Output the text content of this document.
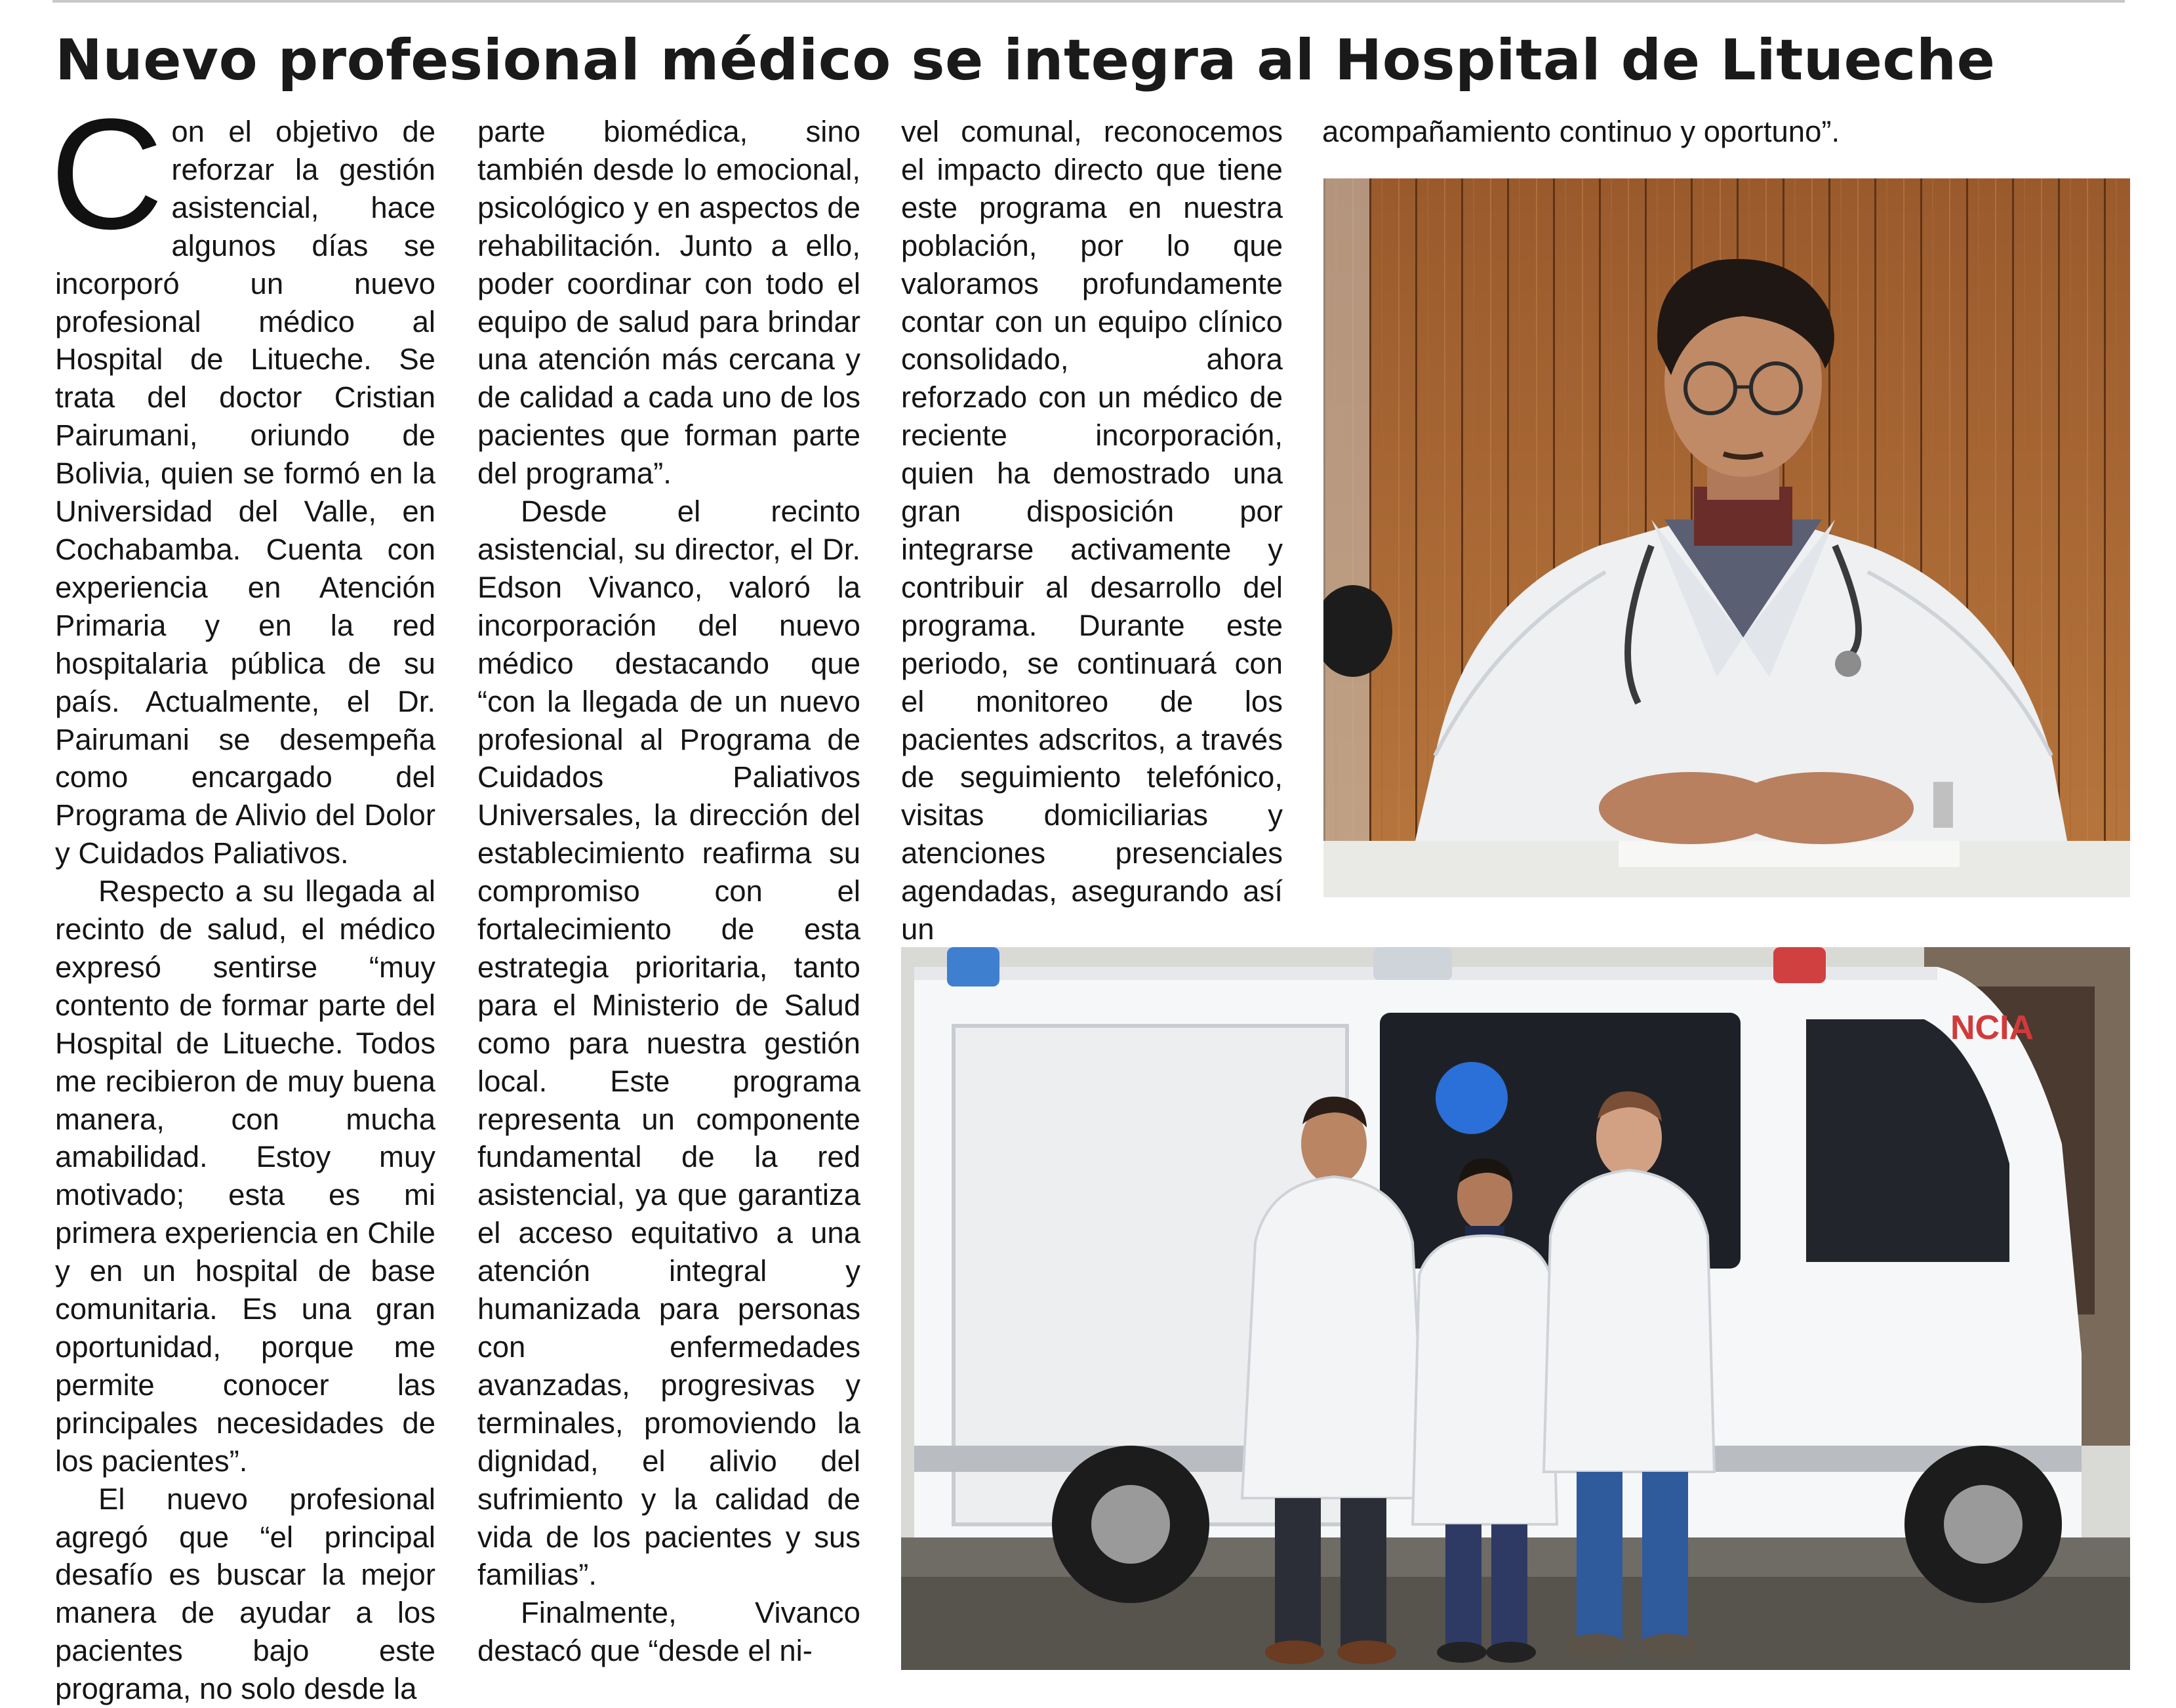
Nuevo profesional médico se integra al Hospital de Litueche

Con el objetivo de reforzar la gestión asistencial, hace algunos días se incorporó un nuevo profesional médico al Hospital de Litueche. Se trata del doctor Cristian Pairumani, oriundo de Bolivia, quien se formó en la Universidad del Valle, en Cochabamba. Cuenta con experiencia en Atención Primaria y en la red hospitalaria pública de su país. Actualmente, el Dr. Pairumani se desempeña como encargado del Programa de Alivio del Dolor y Cuidados Paliativos.

Respecto a su llegada al recinto de salud, el médico expresó sentirse “muy contento de formar parte del Hospital de Litueche. Todos me recibieron de muy buena manera, con mucha amabilidad. Estoy muy motivado; esta es mi primera experiencia en Chile y en un hospital de base comunitaria. Es una gran oportunidad, porque me permite conocer las principales necesidades de los pacientes”.

El nuevo profesional agregó que “el principal desafío es buscar la mejor manera de ayudar a los pacientes bajo este programa, no solo desde la

parte biomédica, sino también desde lo emocional, psicológico y en aspectos de rehabilitación. Junto a ello, poder coordinar con todo el equipo de salud para brindar una atención más cercana y de calidad a cada uno de los pacientes que forman parte del programa”.

Desde el recinto asistencial, su director, el Dr. Edson Vivanco, valoró la incorporación del nuevo médico destacando que “con la llegada de un nuevo profesional al Programa de Cuidados Paliativos Universales, la dirección del establecimiento reafirma su compromiso con el fortalecimiento de esta estrategia prioritaria, tanto para el Ministerio de Salud como para nuestra gestión local. Este programa representa un componente fundamental de la red asistencial, ya que garantiza el acceso equitativo a una atención integral y humanizada para personas con enfermedades avanzadas, progresivas y terminales, promoviendo la dignidad, el alivio del sufrimiento y la calidad de vida de los pacientes y sus familias”.

Finalmente, Vivanco destacó que “desde el ni-

vel comunal, reconocemos el impacto directo que tiene este programa en nuestra población, por lo que valoramos profundamente contar con un equipo clínico consolidado, ahora reforzado con un médico de reciente incorporación, quien ha demostrado una gran disposición por integrarse activamente y contribuir al desarrollo del programa. Durante este periodo, se continuará con el monitoreo de los pacientes adscritos, a través de seguimiento telefónico, visitas domiciliarias y atenciones presenciales agendadas, asegurando así un

acompañamiento continuo y oportuno”.

NCIA
